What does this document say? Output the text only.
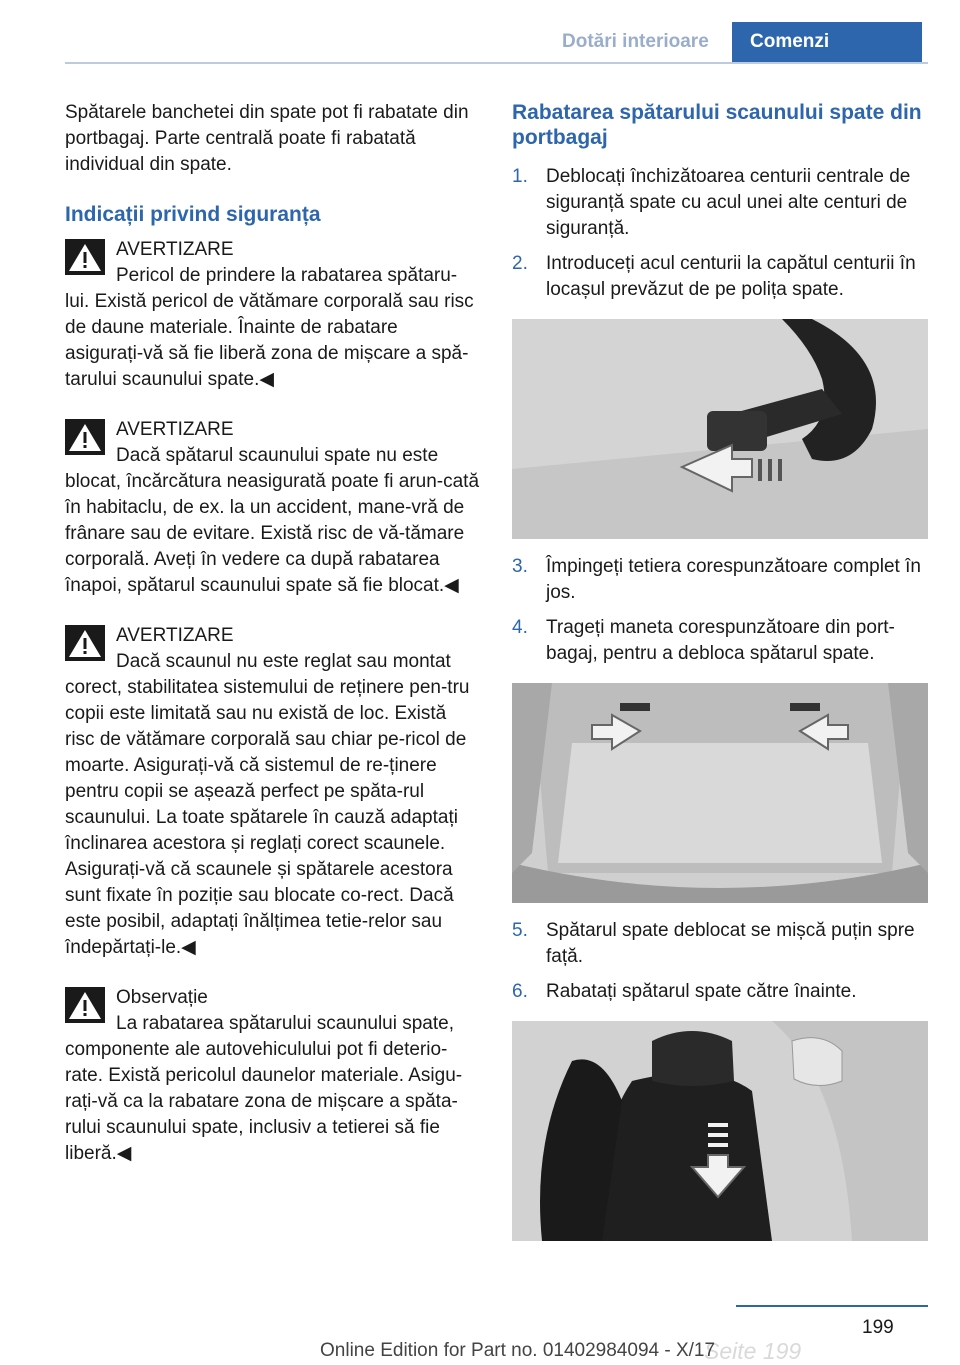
Dotări interioare	Comenzi

Spătarele banchetei din spate pot fi rabatate din portbagaj. Parte centrală poate fi rabatată individual din spate.

Indicații privind siguranța
AVERTIZARE

Pericol de prindere la rabatarea spătaru‐
lui. Există pericol de vătămare corporală sau risc de daune materiale. Înainte de rabatare asigurați-vă să fie liberă zona de mișcare a spă‐tarului scaunului spate.◀

AVERTIZARE

Dacă spătarul scaunului spate nu este
blocat, încărcătura neasigurată poate fi arun‐cată în habitaclu, de ex. la un accident, mane‐vră de frânare sau de evitare. Există risc de vă‐tămare corporală. Aveți în vedere ca după rabatarea înapoi, spătarul scaunului spate să fie blocat.◀

AVERTIZARE

Dacă scaunul nu este reglat sau montat
corect, stabilitatea sistemului de reținere pen‐tru copii este limitată sau nu există de loc. Există risc de vătămare corporală sau chiar pe‐ricol de moarte. Asigurați-vă că sistemul de re‐ținere pentru copii se așează perfect pe spăta‐rul scaunului. La toate spătarele în cauză adaptați înclinarea acestora și reglați corect scaunele. Asigurați-vă că scaunele și spătarele acestora sunt fixate în poziție sau blocate co‐rect. Dacă este posibil, adaptați înălțimea tetie‐relor sau îndepărtați-le.◀

Observație

La rabatarea spătarului scaunului spate,
componente ale autovehiculului pot fi deterio‐rate. Există pericolul daunelor materiale. Asigu‐rați-vă ca la rabatare zona de mișcare a spăta‐rului scaunului spate, inclusiv a tetierei să fie liberă.◀

Rabatarea spătarului scaunului spate din portbagaj
1. Deblocați închizătoarea centurii centrale de siguranță spate cu acul unei alte centuri de siguranță.
2. Introduceți acul centurii la capătul centurii în locașul prevăzut de pe polița spate.
3. Împingeți tetiera corespunzătoare complet în jos.
4. Trageți maneta corespunzătoare din port‐bagaj, pentru a debloca spătarul spate.
5. Spătarul spate deblocat se mișcă puțin spre față.
6. Rabatați spătarul spate către înainte.
199
Seite 199
Online Edition for Part no. 01402984094 - X/17
